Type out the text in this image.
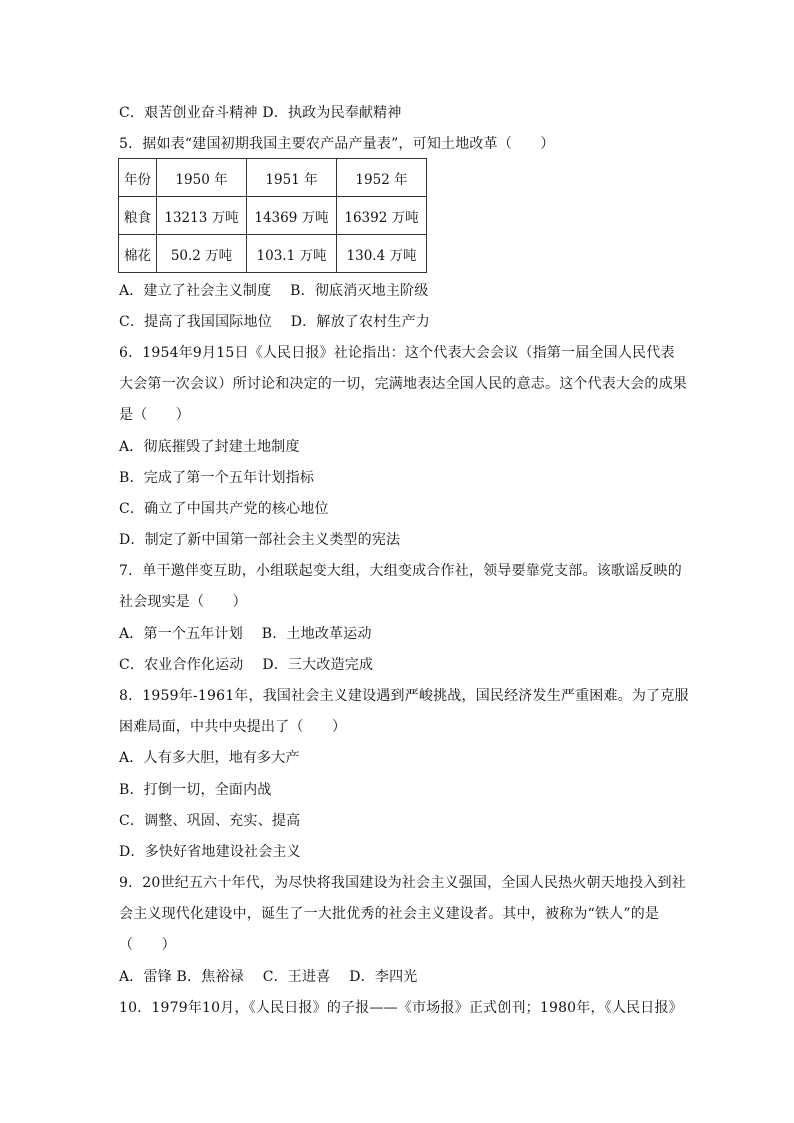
C．艰苦创业奋斗精神 D．执政为民奉献精神
5．据如表“建国初期我国主要农产品产量表”，可知土地改革（　　）
年份	1950 年	1951 年	1952 年
粮食	13213 万吨	14369 万吨	16392 万吨
棉花	50.2 万吨	103.1 万吨	130.4 万吨
A．建立了社会主义制度　 B．彻底消灭地主阶级
C．提高了我国国际地位　 D．解放了农村生产力
6．1954年9月15日《人民日报》社论指出：这个代表大会会议（指第一届全国人民代表
大会第一次会议）所讨论和决定的一切，完满地表达全国人民的意志。这个代表大会的成果
是（　　）
A．彻底摧毁了封建土地制度
B．完成了第一个五年计划指标
C．确立了中国共产党的核心地位
D．制定了新中国第一部社会主义类型的宪法
7．单干邀伴变互助，小组联起变大组，大组变成合作社，领导要靠党支部。该歌谣反映的
社会现实是（　　）
A．第一个五年计划　 B．土地改革运动
C．农业合作化运动　 D．三大改造完成
8．1959年-1961年，我国社会主义建设遇到严峻挑战，国民经济发生严重困难。为了克服
困难局面，中共中央提出了（　　）
A．人有多大胆，地有多大产
B．打倒一切，全面内战
C．调整、巩固、充实、提高
D．多快好省地建设社会主义
9．20世纪五六十年代，为尽快将我国建设为社会主义强国，全国人民热火朝天地投入到社
会主义现代化建设中，诞生了一大批优秀的社会主义建设者。其中，被称为“铁人”的是
（　　）
A．雷锋 B．焦裕禄　 C．王进喜　 D．李四光
10．1979年10月，《人民日报》的子报——《市场报》正式创刊；1980年，《人民日报》
